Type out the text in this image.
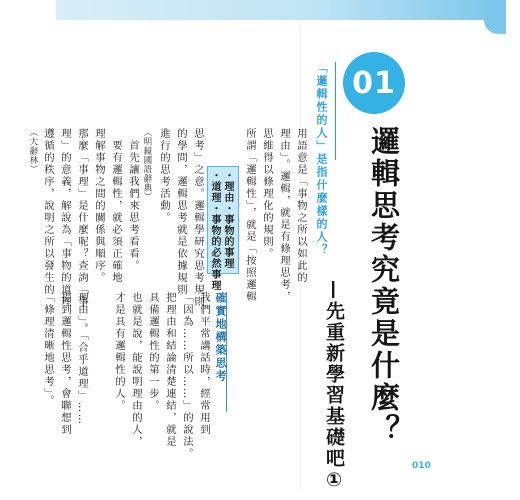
01
邏輯思考究竟是什麼？
—先重新學習基礎吧①
用語意是「事物之所以如此的
理由」。邏輯，就是有條理思考，
思維得以條理化的規則。
所謂「邏輯性」，就是「按照邏輯
確實地構築思考
我們平常講話時，經常用到
「因為……所以……」的說法。
把理由和結論清楚連結，就是
具備邏輯性的第一步。
也就是說，能說明理由的人，
才是具有邏輯性的人。
・理由・事物的事理
・道理・事物的必然事理
思考」之意。邏輯學研究思考規則
的學問，邏輯思考就是依據規則
進行的思考活動。
（明鏡國語辭典）
　首先讓我們來思考看看。
　要有邏輯性，就必須正確地
理解事物之間的關係與順序。	「邏輯性的人」是指什麼樣的人？
那麼「事理」是什麼呢？查詢「事
理」的意義，解說為「事物的道理
遵循的秩序，說明之所以發生的
理由」。「合乎道理」……
提到邏輯性思考，會聯想到
「條理清晰地思考」。
（大辭林）
010
